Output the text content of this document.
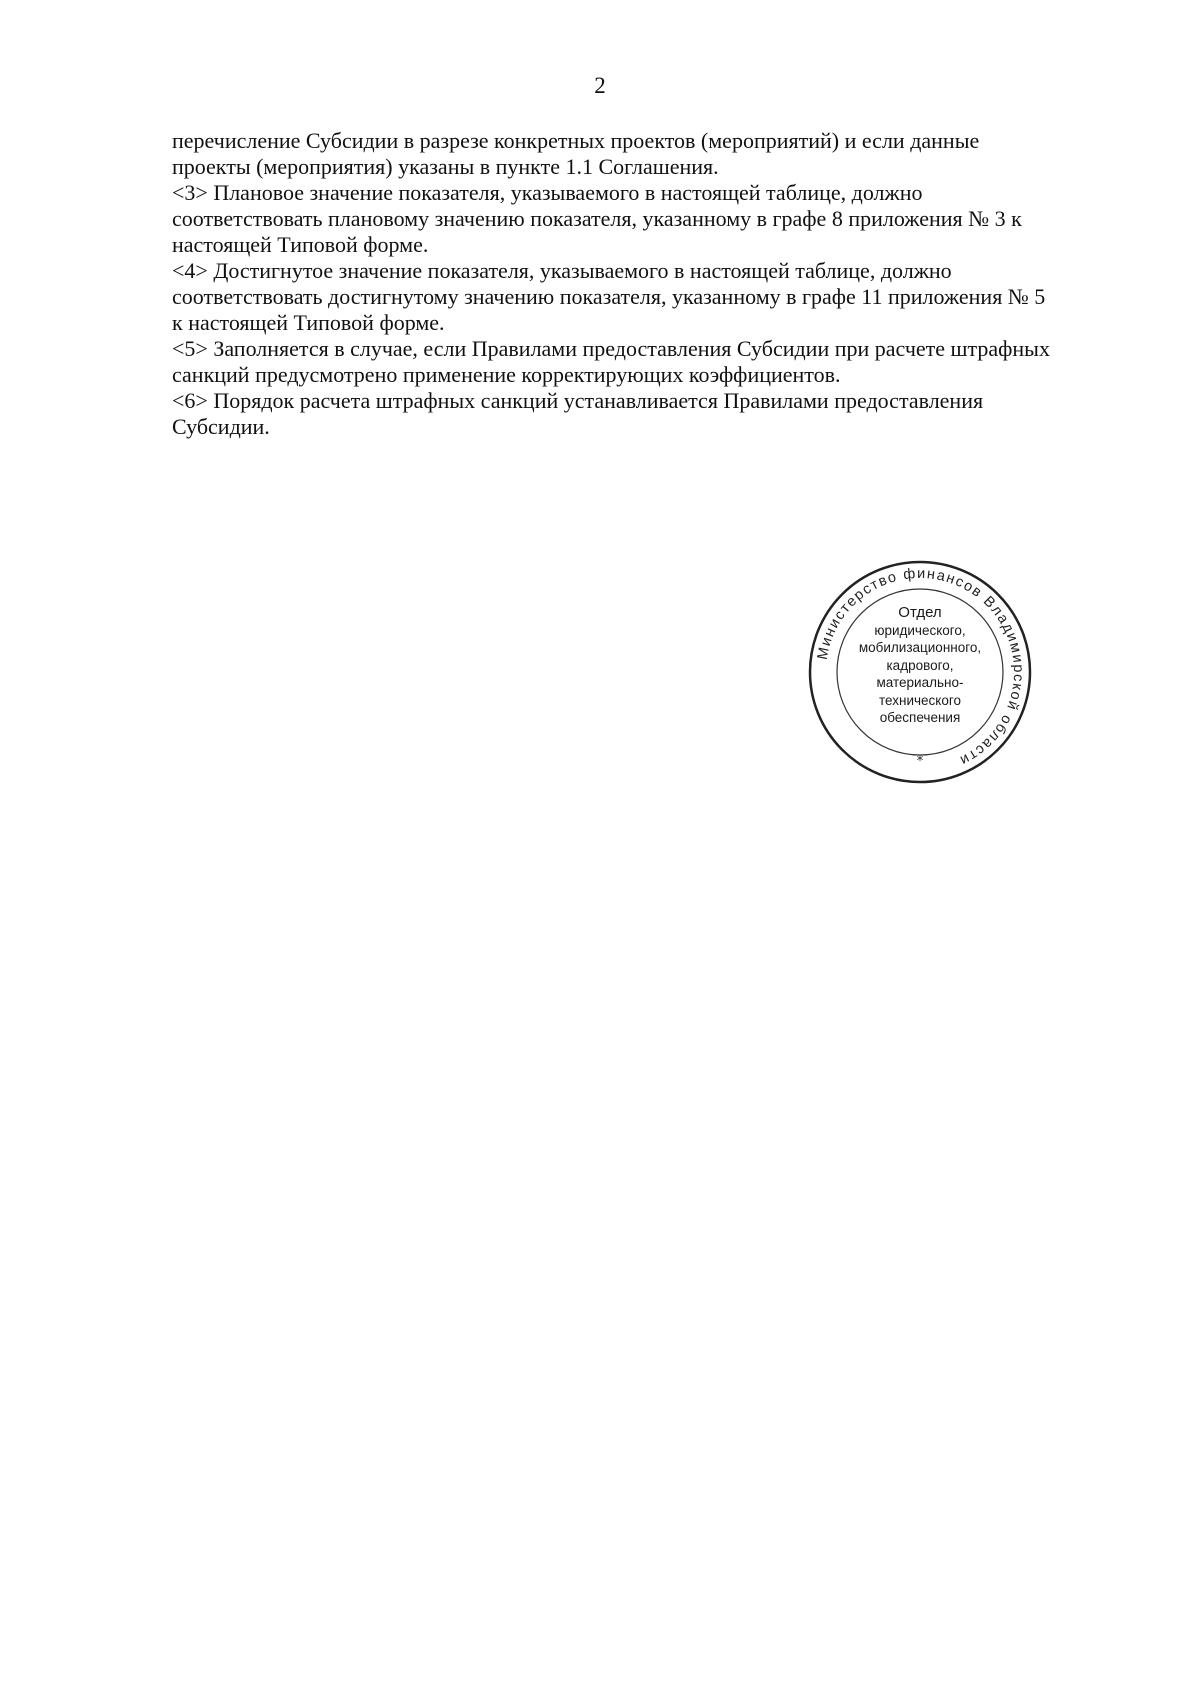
2
перечисление Субсидии в разрезе конкретных проектов (мероприятий) и если данные
проекты (мероприятия) указаны в пункте 1.1 Соглашения.
<3> Плановое значение показателя, указываемого в настоящей таблице, должно
соответствовать плановому значению показателя, указанному в графе 8 приложения № 3 к
настоящей Типовой форме.
<4> Достигнутое значение показателя, указываемого в настоящей таблице, должно
соответствовать достигнутому значению показателя, указанному в графе 11 приложения № 5
к настоящей Типовой форме.
<5> Заполняется в случае, если Правилами предоставления Субсидии при расчете штрафных
санкций предусмотрено применение корректирующих коэффициентов.
<6> Порядок расчета штрафных санкций устанавливается Правилами предоставления
Субсидии.
Министерство финансов Владимирской области
*
Отдел
юридического,
мобилизационного,
кадрового,
материально-
технического
обеспечения
